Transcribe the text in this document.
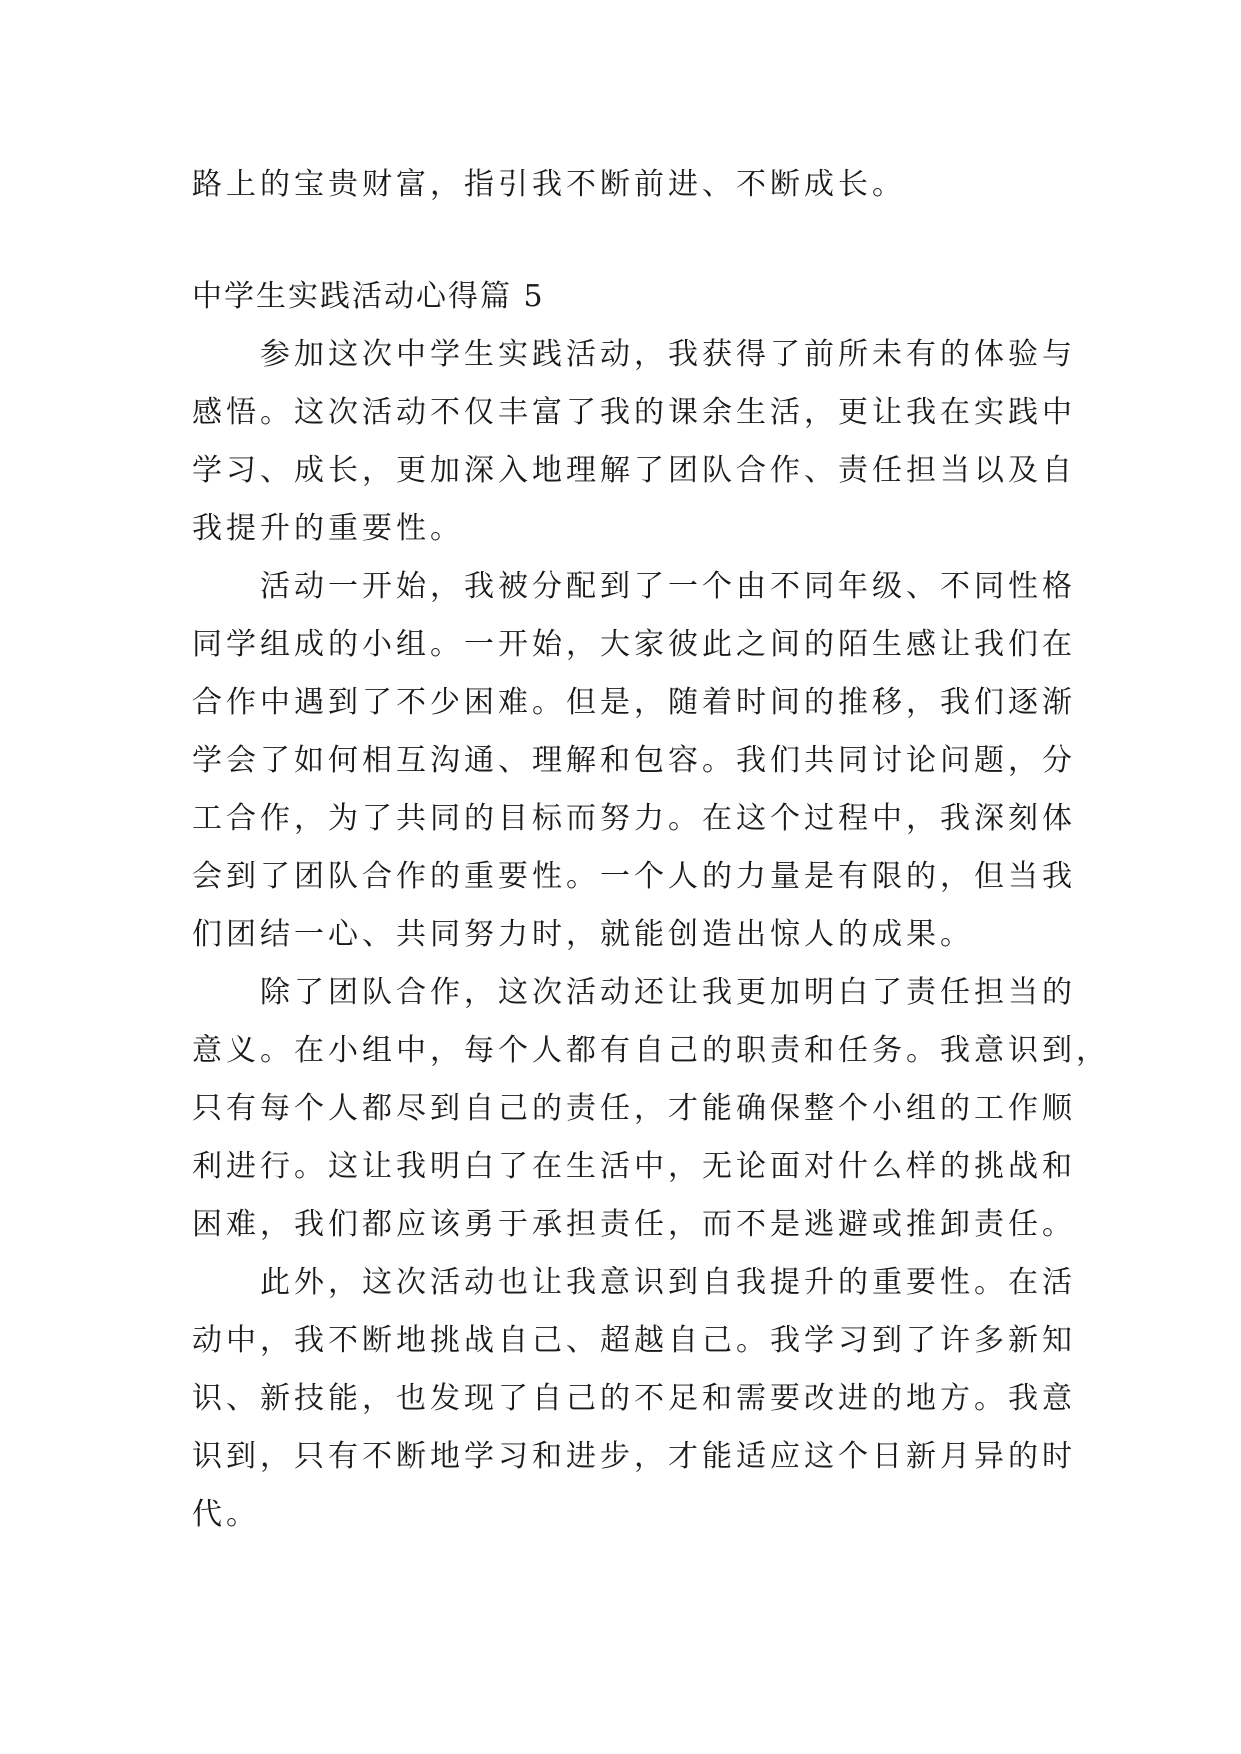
路上的宝贵财富，指引我不断前进、不断成长。

中学生实践活动心得篇 5

参加这次中学生实践活动，我获得了前所未有的体验与

感悟。这次活动不仅丰富了我的课余生活，更让我在实践中

学习、成长，更加深入地理解了团队合作、责任担当以及自

我提升的重要性。

活动一开始，我被分配到了一个由不同年级、不同性格

同学组成的小组。一开始，大家彼此之间的陌生感让我们在

合作中遇到了不少困难。但是，随着时间的推移，我们逐渐

学会了如何相互沟通、理解和包容。我们共同讨论问题，分

工合作，为了共同的目标而努力。在这个过程中，我深刻体

会到了团队合作的重要性。一个人的力量是有限的，但当我

们团结一心、共同努力时，就能创造出惊人的成果。

除了团队合作，这次活动还让我更加明白了责任担当的

意义。在小组中，每个人都有自己的职责和任务。我意识到，

只有每个人都尽到自己的责任，才能确保整个小组的工作顺

利进行。这让我明白了在生活中，无论面对什么样的挑战和

困难，我们都应该勇于承担责任，而不是逃避或推卸责任。

此外，这次活动也让我意识到自我提升的重要性。在活

动中，我不断地挑战自己、超越自己。我学习到了许多新知

识、新技能，也发现了自己的不足和需要改进的地方。我意

识到，只有不断地学习和进步，才能适应这个日新月异的时

代。
